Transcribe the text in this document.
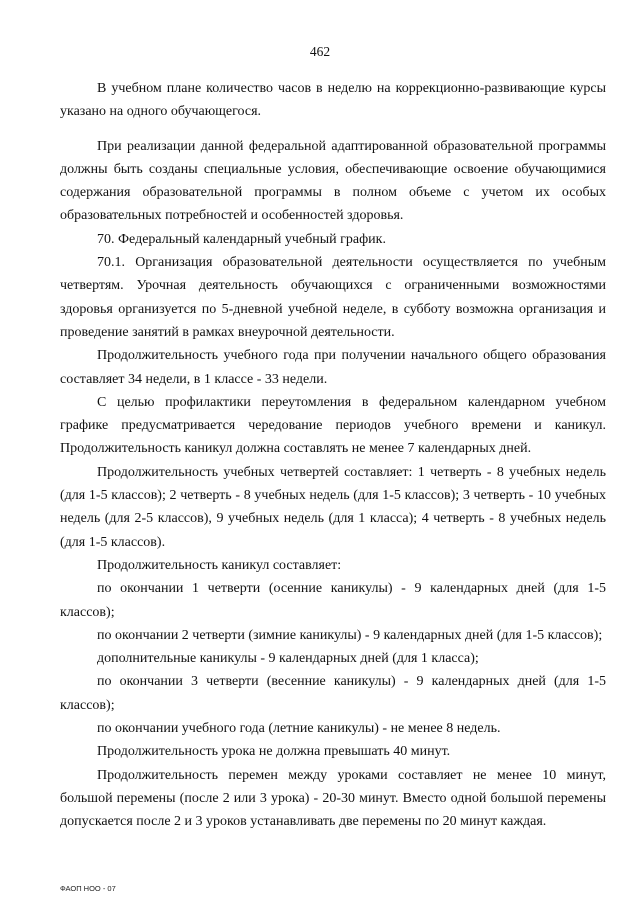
462

В учебном плане количество часов в неделю на коррекционно-развивающие курсы указано на одного обучающегося.

При реализации данной федеральной адаптированной образовательной программы должны быть созданы специальные условия, обеспечивающие освоение обучающимися содержания образовательной программы в полном объеме с учетом их особых образовательных потребностей и особенностей здоровья.

70. Федеральный календарный учебный график.

70.1. Организация образовательной деятельности осуществляется по учебным четвертям. Урочная деятельность обучающихся с ограниченными возможностями здоровья организуется по 5-дневной учебной неделе, в субботу возможна организация и проведение занятий в рамках внеурочной деятельности.

Продолжительность учебного года при получении начального общего образования составляет 34 недели, в 1 классе - 33 недели.

С целью профилактики переутомления в федеральном календарном учебном графике предусматривается чередование периодов учебного времени и каникул. Продолжительность каникул должна составлять не менее 7 календарных дней.

Продолжительность учебных четвертей составляет: 1 четверть - 8 учебных недель (для 1-5 классов); 2 четверть - 8 учебных недель (для 1-5 классов); 3 четверть - 10 учебных недель (для 2-5 классов), 9 учебных недель (для 1 класса); 4 четверть - 8 учебных недель (для 1-5 классов).

Продолжительность каникул составляет:

по окончании 1 четверти (осенние каникулы) - 9 календарных дней (для 1-5 классов);

по окончании 2 четверти (зимние каникулы) - 9 календарных дней (для 1-5 классов);

дополнительные каникулы - 9 календарных дней (для 1 класса);

по окончании 3 четверти (весенние каникулы) - 9 календарных дней (для 1-5 классов);

по окончании учебного года (летние каникулы) - не менее 8 недель.

Продолжительность урока не должна превышать 40 минут.

Продолжительность перемен между уроками составляет не менее 10 минут, большой перемены (после 2 или 3 урока) - 20-30 минут. Вместо одной большой перемены допускается после 2 и 3 уроков устанавливать две перемены по 20 минут каждая.

ФАОП НОО - 07
